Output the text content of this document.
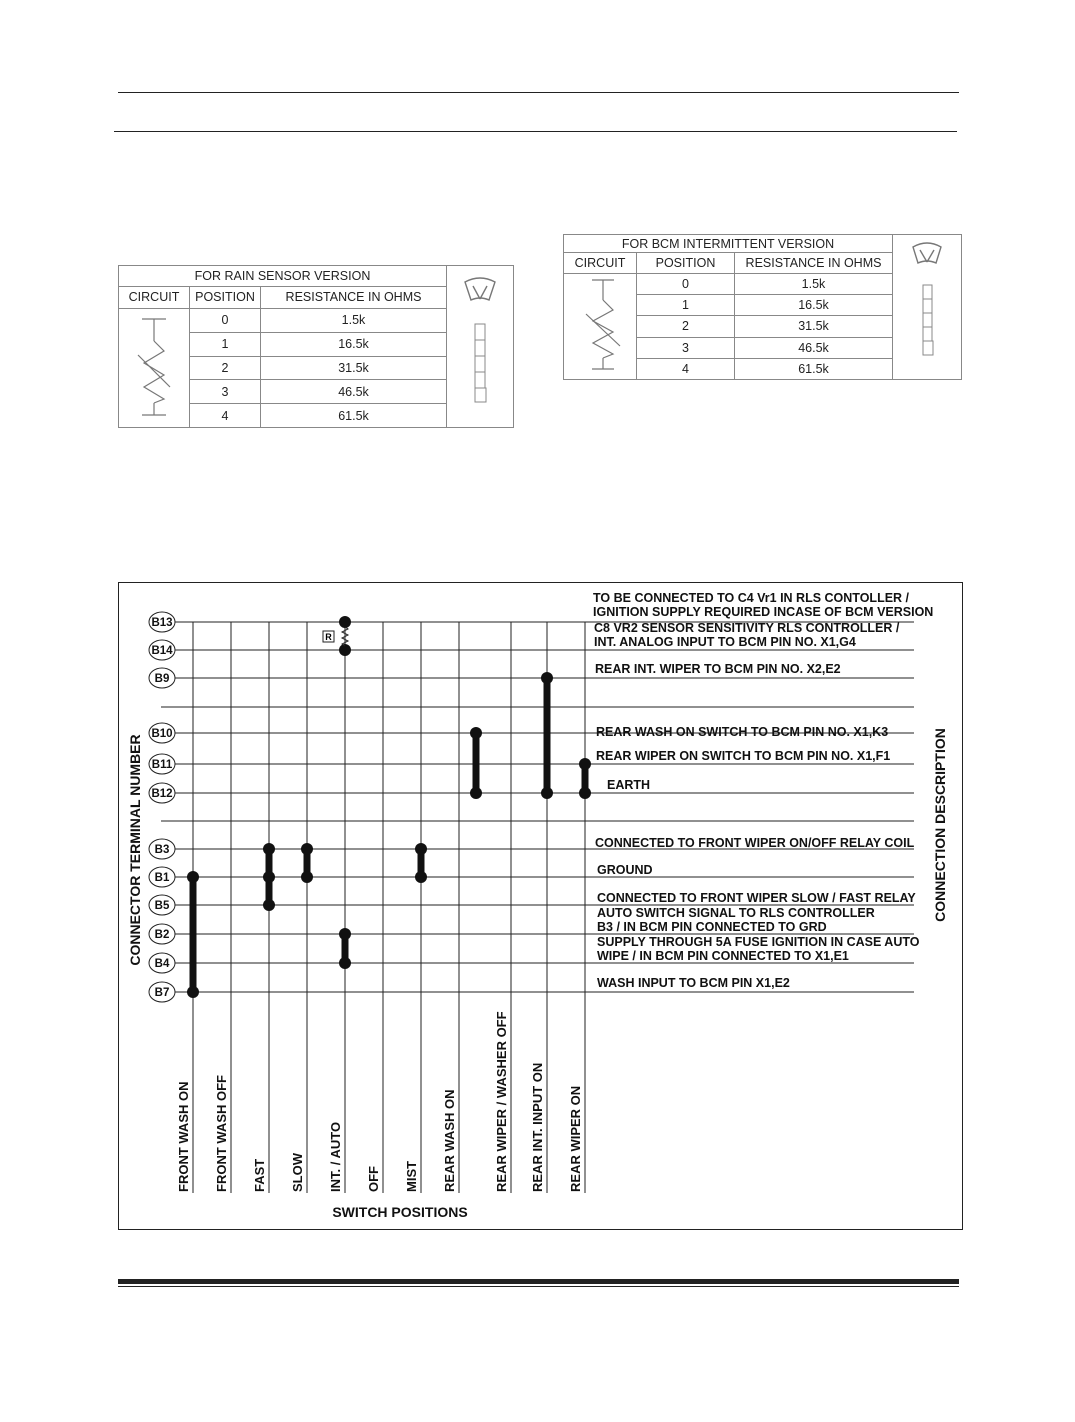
FOR RAIN SENSOR VERSION	
CIRCUIT	POSITION	RESISTANCE IN OHMS	
	0	1.5k	
	1	16.5k	
	2	31.5k	
	3	46.5k	
	4	61.5k	
FOR BCM INTERMITTENT VERSION	
CIRCUIT	POSITION	RESISTANCE IN OHMS	
	0	1.5k	
	1	16.5k	
	2	31.5k	
	3	46.5k	
	4	61.5k	
B13
B14
B9
B10
B11
B12
B3
B1
B5
B2
B4
B7
TO BE CONNECTED TO C4 Vr1 IN RLS CONTOLLER /
IGNITION SUPPLY REQUIRED INCASE OF BCM VERSION
C8 VR2 SENSOR SENSITIVITY RLS CONTROLLER /
INT. ANALOG INPUT TO BCM PIN NO. X1,G4
REAR INT. WIPER TO BCM PIN NO. X2,E2
REAR WASH ON SWITCH TO BCM PIN NO. X1,K3
REAR WIPER ON SWITCH TO BCM PIN NO. X1,F1
EARTH
CONNECTED TO FRONT WIPER ON/OFF RELAY COIL
GROUND
CONNECTED TO FRONT WIPER SLOW / FAST RELAY
AUTO SWITCH SIGNAL TO RLS CONTROLLER
B3 / IN BCM PIN CONNECTED TO GRD
SUPPLY THROUGH 5A FUSE IGNITION IN CASE AUTO
WIPE / IN BCM PIN CONNECTED TO X1,E1
WASH INPUT TO BCM PIN X1,E2
FRONT WASH ON FRONT WASH OFF FAST SLOW INT. / AUTO OFF MIST REAR WASH ON	REAR WIPER / WASHER OFF REAR INT. INPUT ON REAR WIPER ON
CONNECTOR TERMINAL NUMBER	CONNECTION DESCRIPTION
SWITCH POSITIONS
R
